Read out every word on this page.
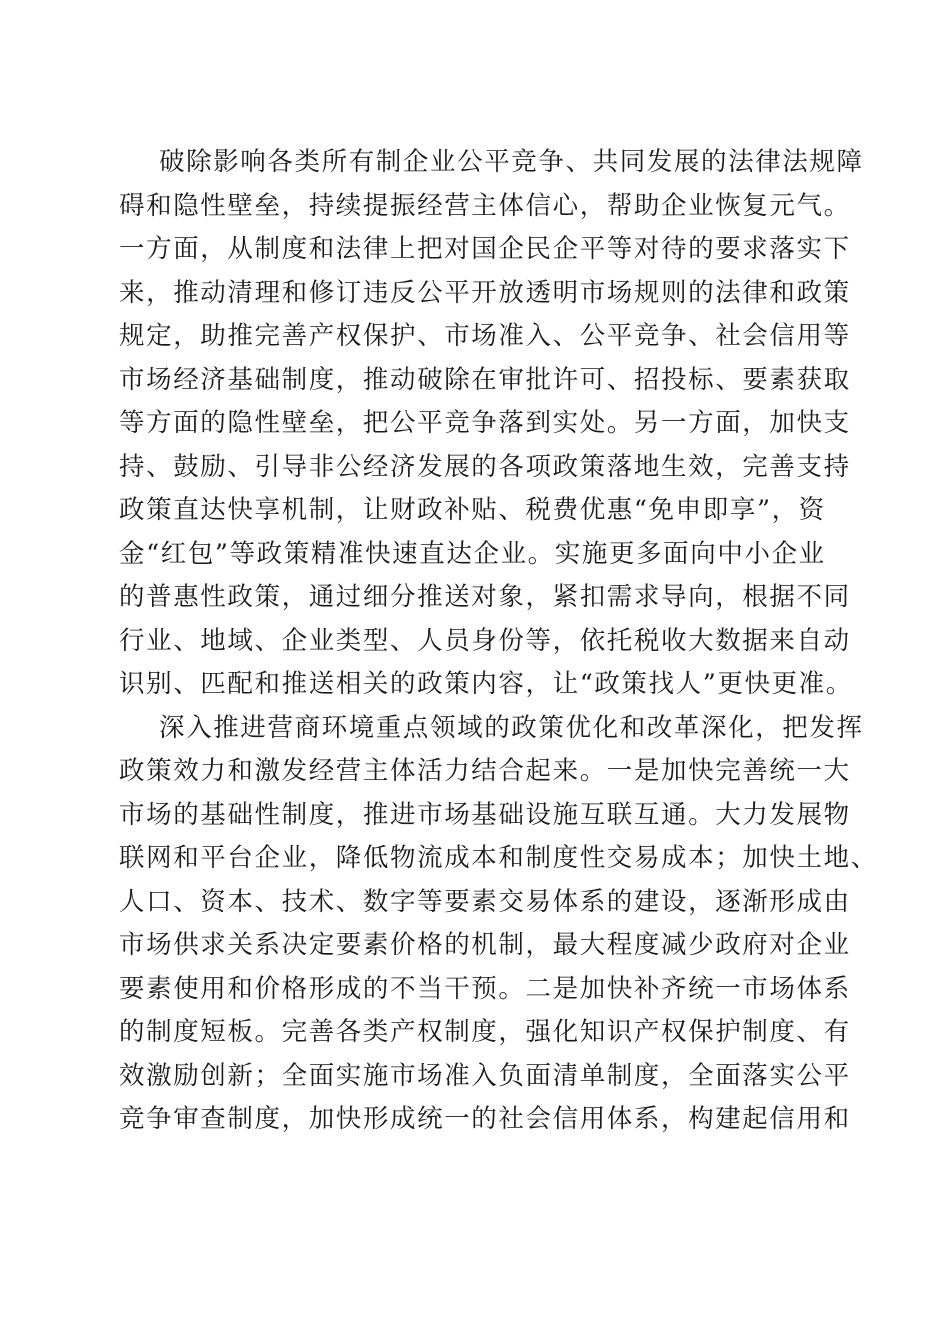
破除影响各类所有制企业公平竞争、共同发展的法律法规障
碍和隐性壁垒，持续提振经营主体信心，帮助企业恢复元气。
一方面，从制度和法律上把对国企民企平等对待的要求落实下
来，推动清理和修订违反公平开放透明市场规则的法律和政策
规定，助推完善产权保护、市场准入、公平竞争、社会信用等
市场经济基础制度，推动破除在审批许可、招投标、要素获取
等方面的隐性壁垒，把公平竞争落到实处。另一方面，加快支
持、鼓励、引导非公经济发展的各项政策落地生效，完善支持
政策直达快享机制，让财政补贴、税费优惠“免申即享”，资
金“红包”等政策精准快速直达企业。实施更多面向中小企业
的普惠性政策，通过细分推送对象，紧扣需求导向，根据不同
行业、地域、企业类型、人员身份等，依托税收大数据来自动
识别、匹配和推送相关的政策内容，让“政策找人”更快更准。
深入推进营商环境重点领域的政策优化和改革深化，把发挥
政策效力和激发经营主体活力结合起来。一是加快完善统一大
市场的基础性制度，推进市场基础设施互联互通。大力发展物
联网和平台企业，降低物流成本和制度性交易成本；加快土地、
人口、资本、技术、数字等要素交易体系的建设，逐渐形成由
市场供求关系决定要素价格的机制，最大程度减少政府对企业
要素使用和价格形成的不当干预。二是加快补齐统一市场体系
的制度短板。完善各类产权制度，强化知识产权保护制度、有
效激励创新；全面实施市场准入负面清单制度，全面落实公平
竞争审查制度，加快形成统一的社会信用体系，构建起信用和
